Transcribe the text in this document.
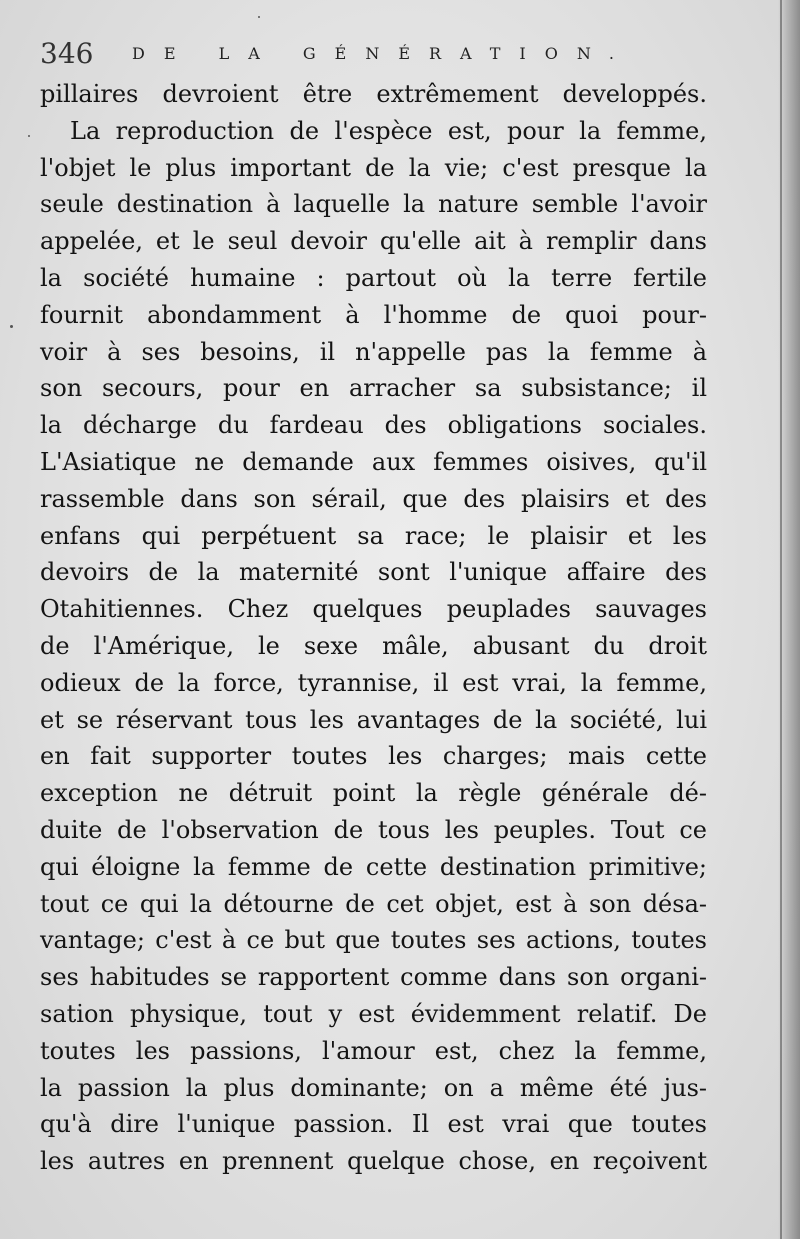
346 DE LA GÉNÉRATION.
pillaires devroient être extrêmement developpés.
La reproduction de l'espèce est, pour la femme,
l'objet le plus important de la vie; c'est presque la
seule destination à laquelle la nature semble l'avoir
appelée, et le seul devoir qu'elle ait à remplir dans
la société humaine : partout où la terre fertile
fournit abondamment à l'homme de quoi pour-
voir à ses besoins, il n'appelle pas la femme à
son secours, pour en arracher sa subsistance; il
la décharge du fardeau des obligations sociales.
L'Asiatique ne demande aux femmes oisives, qu'il
rassemble dans son sérail, que des plaisirs et des
enfans qui perpétuent sa race; le plaisir et les
devoirs de la maternité sont l'unique affaire des
Otahitiennes. Chez quelques peuplades sauvages
de l'Amérique, le sexe mâle, abusant du droit
odieux de la force, tyrannise, il est vrai, la femme,
et se réservant tous les avantages de la société, lui
en fait supporter toutes les charges; mais cette
exception ne détruit point la règle générale dé-
duite de l'observation de tous les peuples. Tout ce
qui éloigne la femme de cette destination primitive;
tout ce qui la détourne de cet objet, est à son désa-
vantage; c'est à ce but que toutes ses actions, toutes
ses habitudes se rapportent comme dans son organi-
sation physique, tout y est évidemment relatif. De
toutes les passions, l'amour est, chez la femme,
la passion la plus dominante; on a même été jus-
qu'à dire l'unique passion. Il est vrai que toutes
les autres en prennent quelque chose, en reçoivent
